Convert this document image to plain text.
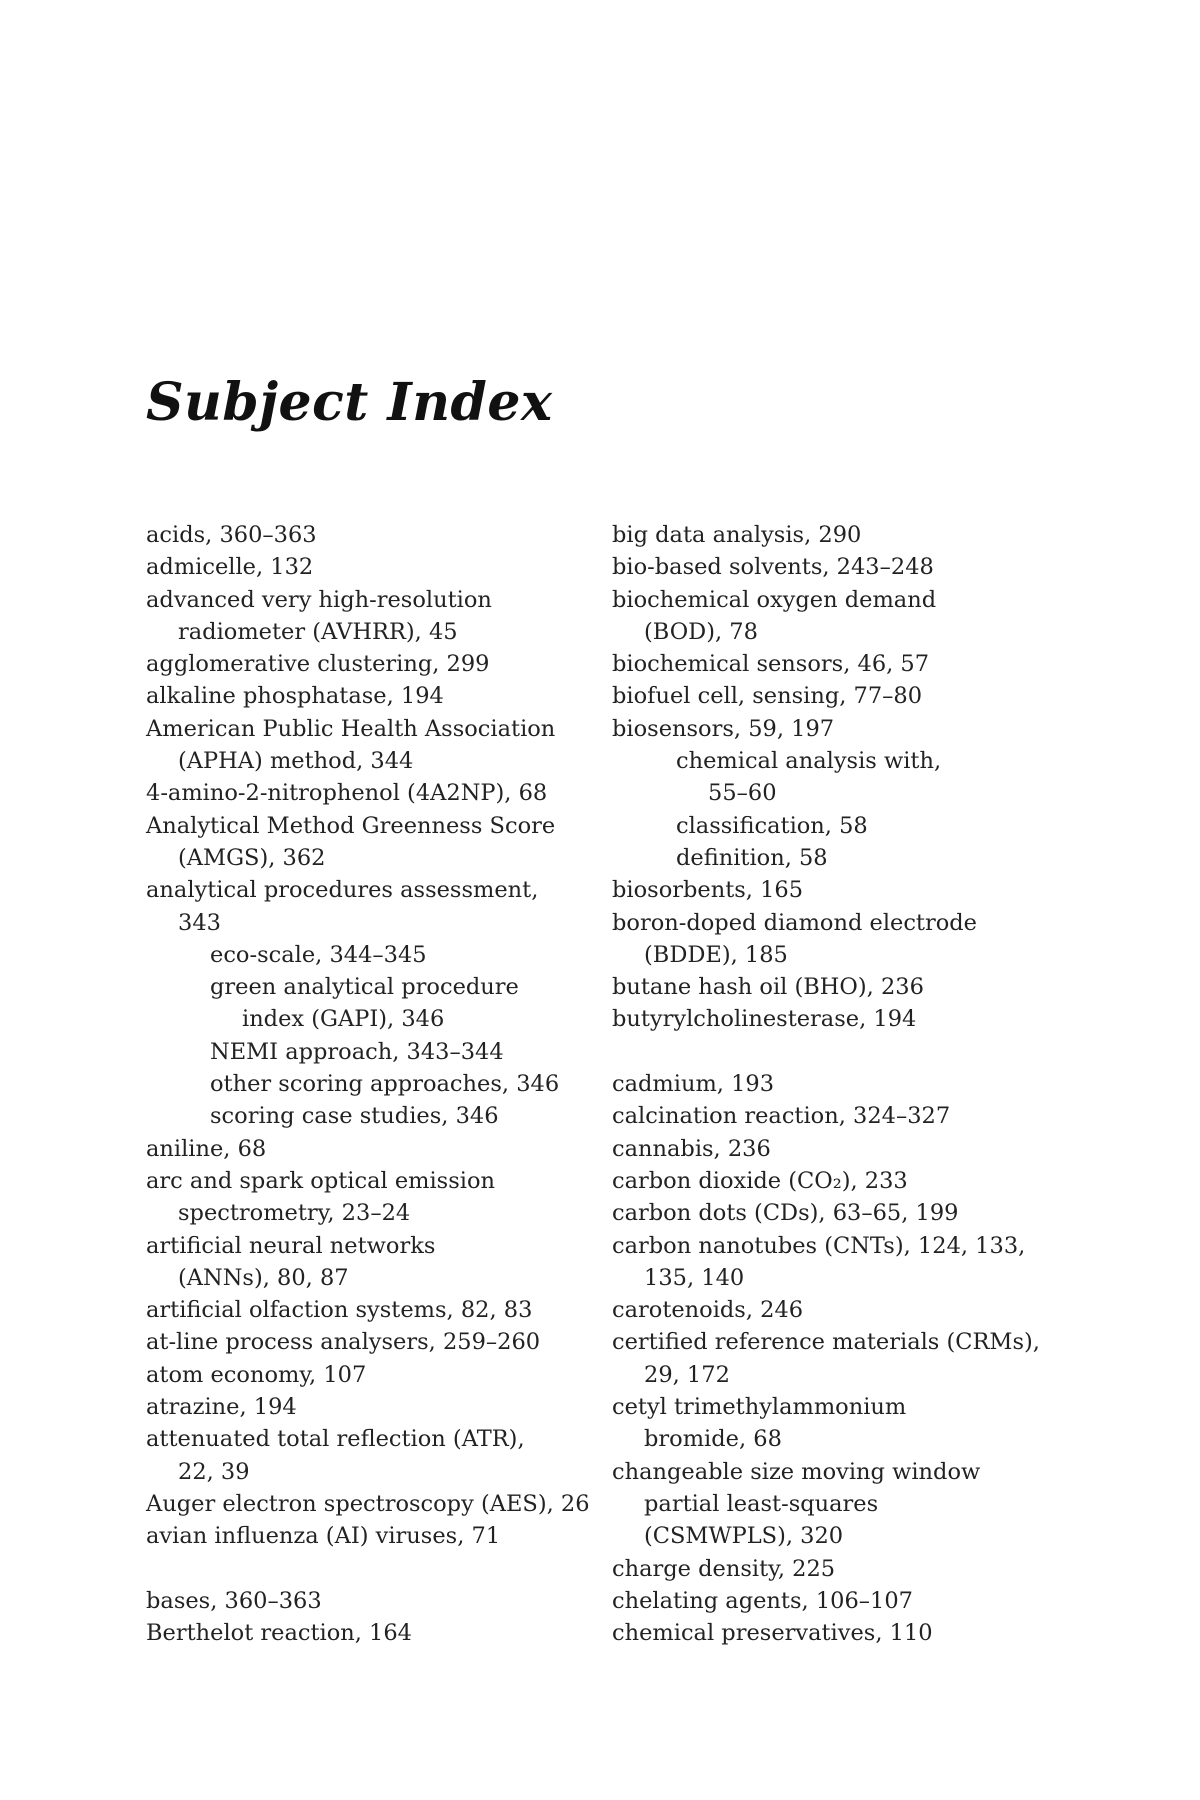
Subject Index
acids, 360–363
admicelle, 132
advanced very high-resolution
radiometer (AVHRR), 45
agglomerative clustering, 299
alkaline phosphatase, 194
American Public Health Association
(APHA) method, 344
4-amino-2-nitrophenol (4A2NP), 68
Analytical Method Greenness Score
(AMGS), 362
analytical procedures assessment,
343
eco-scale, 344–345
green analytical procedure
index (GAPI), 346
NEMI approach, 343–344
other scoring approaches, 346
scoring case studies, 346
aniline, 68
arc and spark optical emission
spectrometry, 23–24
artificial neural networks
(ANNs), 80, 87
artificial olfaction systems, 82, 83
at-line process analysers, 259–260
atom economy, 107
atrazine, 194
attenuated total reflection (ATR),
22, 39
Auger electron spectroscopy (AES), 26
avian influenza (AI) viruses, 71
bases, 360–363
Berthelot reaction, 164
big data analysis, 290
bio-based solvents, 243–248
biochemical oxygen demand
(BOD), 78
biochemical sensors, 46, 57
biofuel cell, sensing, 77–80
biosensors, 59, 197
chemical analysis with,
55–60
classification, 58
definition, 58
biosorbents, 165
boron-doped diamond electrode
(BDDE), 185
butane hash oil (BHO), 236
butyrylcholinesterase, 194
cadmium, 193
calcination reaction, 324–327
cannabis, 236
carbon dioxide (CO₂), 233
carbon dots (CDs), 63–65, 199
carbon nanotubes (CNTs), 124, 133,
135, 140
carotenoids, 246
certified reference materials (CRMs),
29, 172
cetyl trimethylammonium
bromide, 68
changeable size moving window
partial least-squares
(CSMWPLS), 320
charge density, 225
chelating agents, 106–107
chemical preservatives, 110
